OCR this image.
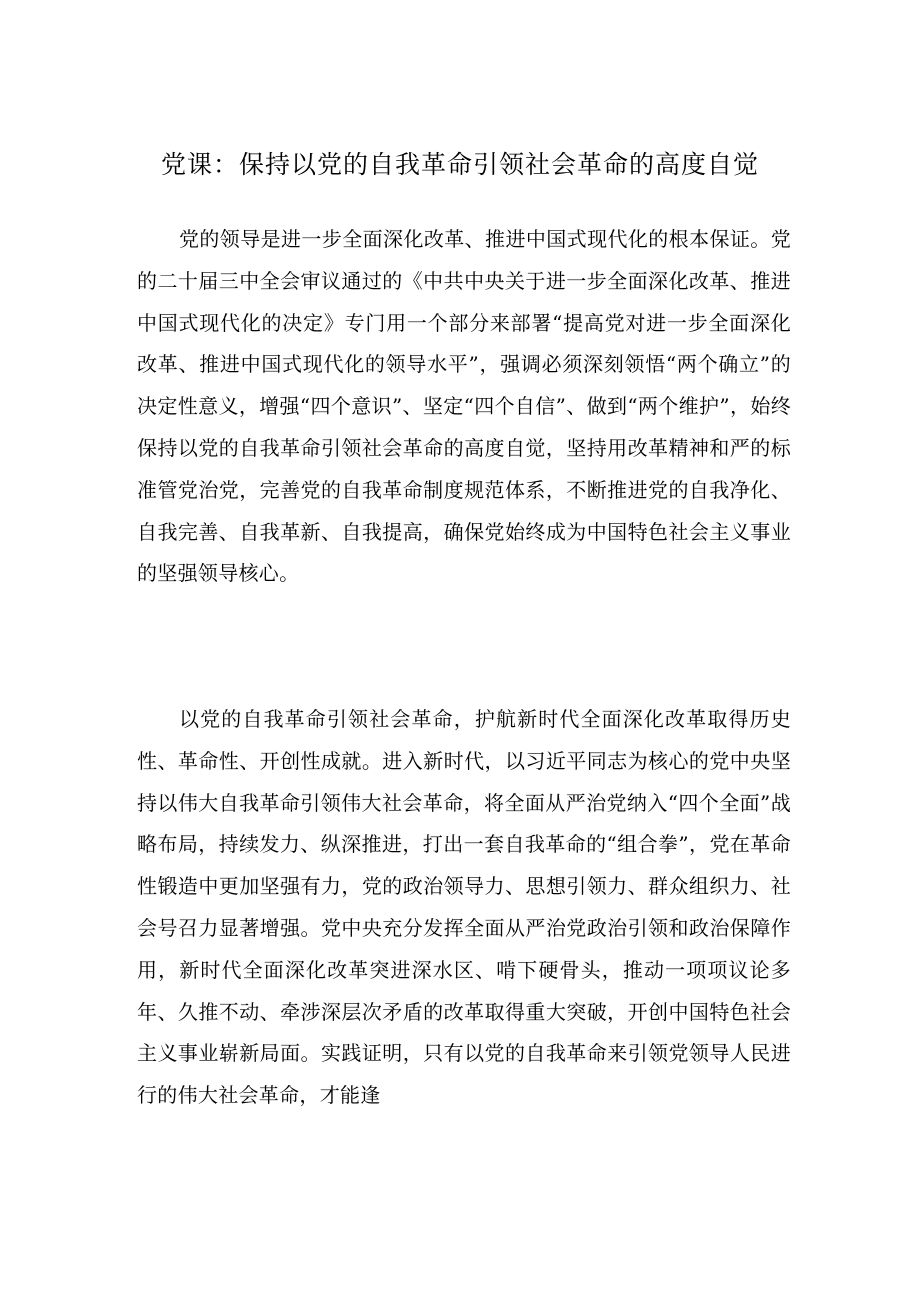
党课：保持以党的自我革命引领社会革命的高度自觉

党的领导是进一步全面深化改革、推进中国式现代化的根本保证。党的二十届三中全会审议通过的《中共中央关于进一步全面深化改革、推进中国式现代化的决定》专门用一个部分来部署“提高党对进一步全面深化改革、推进中国式现代化的领导水平”，强调必须深刻领悟“两个确立”的决定性意义，增强“四个意识”、坚定“四个自信”、做到“两个维护”，始终保持以党的自我革命引领社会革命的高度自觉，坚持用改革精神和严的标准管党治党，完善党的自我革命制度规范体系，不断推进党的自我净化、自我完善、自我革新、自我提高，确保党始终成为中国特色社会主义事业的坚强领导核心。

以党的自我革命引领社会革命，护航新时代全面深化改革取得历史性、革命性、开创性成就。进入新时代，以习近平同志为核心的党中央坚持以伟大自我革命引领伟大社会革命，将全面从严治党纳入“四个全面”战略布局，持续发力、纵深推进，打出一套自我革命的“组合拳”，党在革命性锻造中更加坚强有力，党的政治领导力、思想引领力、群众组织力、社会号召力显著增强。党中央充分发挥全面从严治党政治引领和政治保障作用，新时代全面深化改革突进深水区、啃下硬骨头，推动一项项议论多年、久推不动、牵涉深层次矛盾的改革取得重大突破，开创中国特色社会主义事业崭新局面。实践证明，只有以党的自我革命来引领党领导人民进行的伟大社会革命，才能逢
